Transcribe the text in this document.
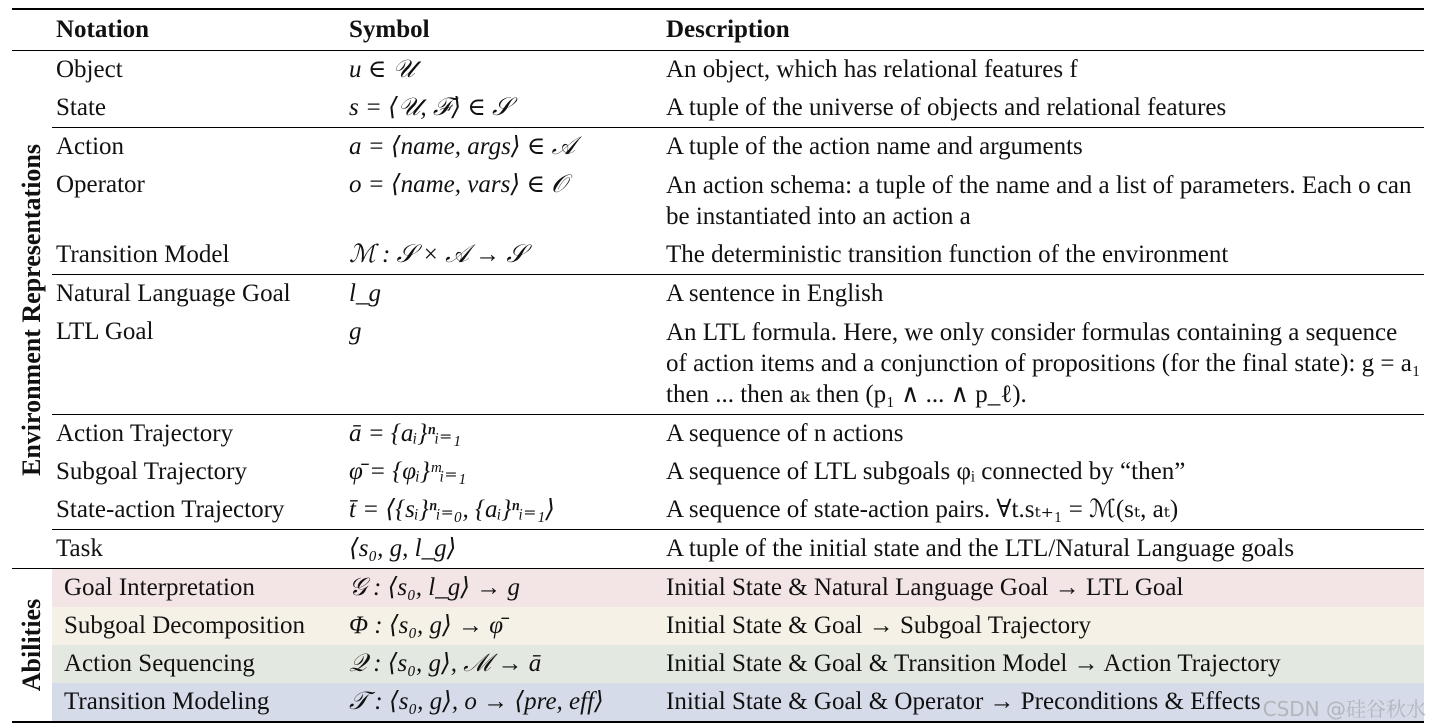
	Notation	Symbol	Description

Environment Representations	Object	u ∈ 𝒰	An object, which has relational features f
	State	s = ⟨𝒰, ℱ⟩ ∈ 𝒮	A tuple of the universe of objects and relational features
	Action	a = ⟨name, args⟩ ∈ 𝒜	A tuple of the action name and arguments
	Operator	o = ⟨name, vars⟩ ∈ 𝒪	An action schema: a tuple of the name and a list of parameters. Each o can be instantiated into an action a
	Transition Model	ℳ : 𝒮 × 𝒜 → 𝒮	The deterministic transition function of the environment
	Natural Language Goal	l_g	A sentence in English
	LTL Goal	g	An LTL formula. Here, we only consider formulas containing a sequence of action items and a conjunction of propositions (for the final state): g = a₁ then ... then aₖ then (p₁ ∧ ... ∧ p_ℓ).
	Action Trajectory	ā = {aᵢ}ⁿᵢ₌₁	A sequence of n actions
	Subgoal Trajectory	φ̄ = {φᵢ}ᵐᵢ₌₁	A sequence of LTL subgoals φᵢ connected by “then”
	State-action Trajectory	t̄ = ⟨{sᵢ}ⁿᵢ₌₀, {aᵢ}ⁿᵢ₌₁⟩	A sequence of state-action pairs. ∀t.sₜ₊₁ = ℳ(sₜ, aₜ)
	Task	⟨s₀, g, l_g⟩	A tuple of the initial state and the LTL/Natural Language goals

Abilities	Goal Interpretation	𝒢 : ⟨s₀, l_g⟩ → g	Initial State & Natural Language Goal → LTL Goal
	Subgoal Decomposition	Φ : ⟨s₀, g⟩ → φ̄	Initial State & Goal → Subgoal Trajectory
	Action Sequencing	𝒬 : ⟨s₀, g⟩, ℳ → ā	Initial State & Goal & Transition Model → Action Trajectory
	Transition Modeling	𝒯 : ⟨s₀, g⟩, o → ⟨pre, eff⟩	Initial State & Goal & Operator → Preconditions & Effects CSDN @硅谷秋水
